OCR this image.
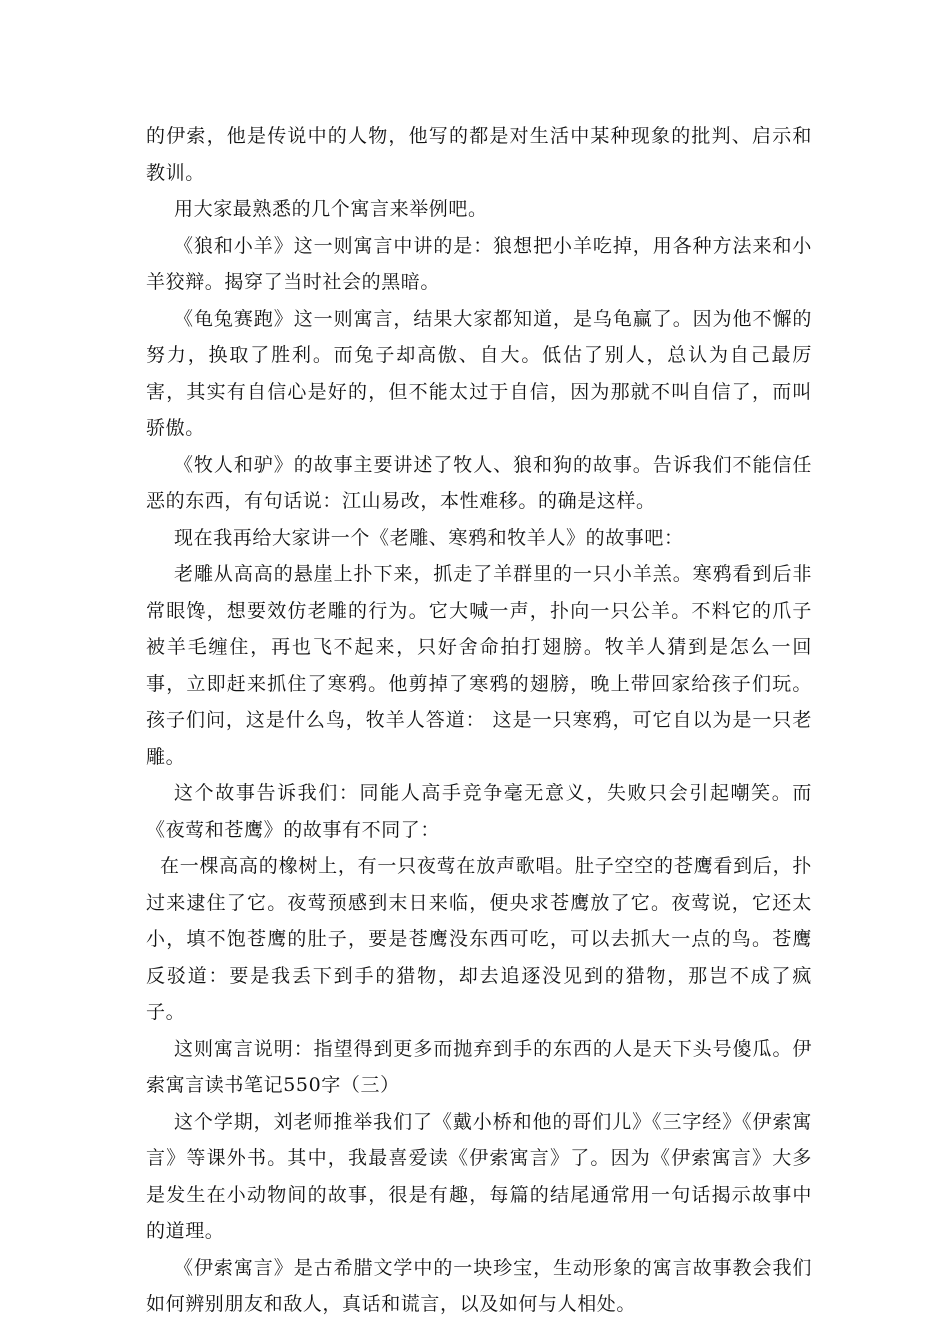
的伊索，他是传说中的人物，他写的都是对生活中某种现象的批判、启示和教训。

用大家最熟悉的几个寓言来举例吧。

《狼和小羊》这一则寓言中讲的是：狼想把小羊吃掉，用各种方法来和小羊狡辩。揭穿了当时社会的黑暗。

《龟兔赛跑》这一则寓言，结果大家都知道，是乌龟赢了。因为他不懈的努力，换取了胜利。而兔子却高傲、自大。低估了别人，总认为自己最厉害，其实有自信心是好的，但不能太过于自信，因为那就不叫自信了，而叫骄傲。

《牧人和驴》的故事主要讲述了牧人、狼和狗的故事。告诉我们不能信任恶的东西，有句话说：江山易改，本性难移。的确是这样。

现在我再给大家讲一个《老雕、寒鸦和牧羊人》的故事吧：

老雕从高高的悬崖上扑下来，抓走了羊群里的一只小羊羔。寒鸦看到后非常眼馋，想要效仿老雕的行为。它大喊一声，扑向一只公羊。不料它的爪子被羊毛缠住，再也飞不起来，只好舍命拍打翅膀。牧羊人猜到是怎么一回事，立即赶来抓住了寒鸦。他剪掉了寒鸦的翅膀，晚上带回家给孩子们玩。孩子们问，这是什么鸟，牧羊人答道： 这是一只寒鸦，可它自以为是一只老雕。

这个故事告诉我们：同能人高手竞争毫无意义，失败只会引起嘲笑。而《夜莺和苍鹰》的故事有不同了：

在一棵高高的橡树上，有一只夜莺在放声歌唱。肚子空空的苍鹰看到后，扑过来逮住了它。夜莺预感到末日来临，便央求苍鹰放了它。夜莺说，它还太小，填不饱苍鹰的肚子，要是苍鹰没东西可吃，可以去抓大一点的鸟。苍鹰反驳道：要是我丢下到手的猎物，却去追逐没见到的猎物，那岂不成了疯子。

这则寓言说明：指望得到更多而抛弃到手的东西的人是天下头号傻瓜。伊索寓言读书笔记550字（三）

这个学期，刘老师推举我们了《戴小桥和他的哥们儿》《三字经》《伊索寓言》等课外书。其中，我最喜爱读《伊索寓言》了。因为《伊索寓言》大多是发生在小动物间的故事，很是有趣，每篇的结尾通常用一句话揭示故事中的道理。

《伊索寓言》是古希腊文学中的一块珍宝，生动形象的寓言故事教会我们如何辨别朋友和敌人，真话和谎言，以及如何与人相处。
